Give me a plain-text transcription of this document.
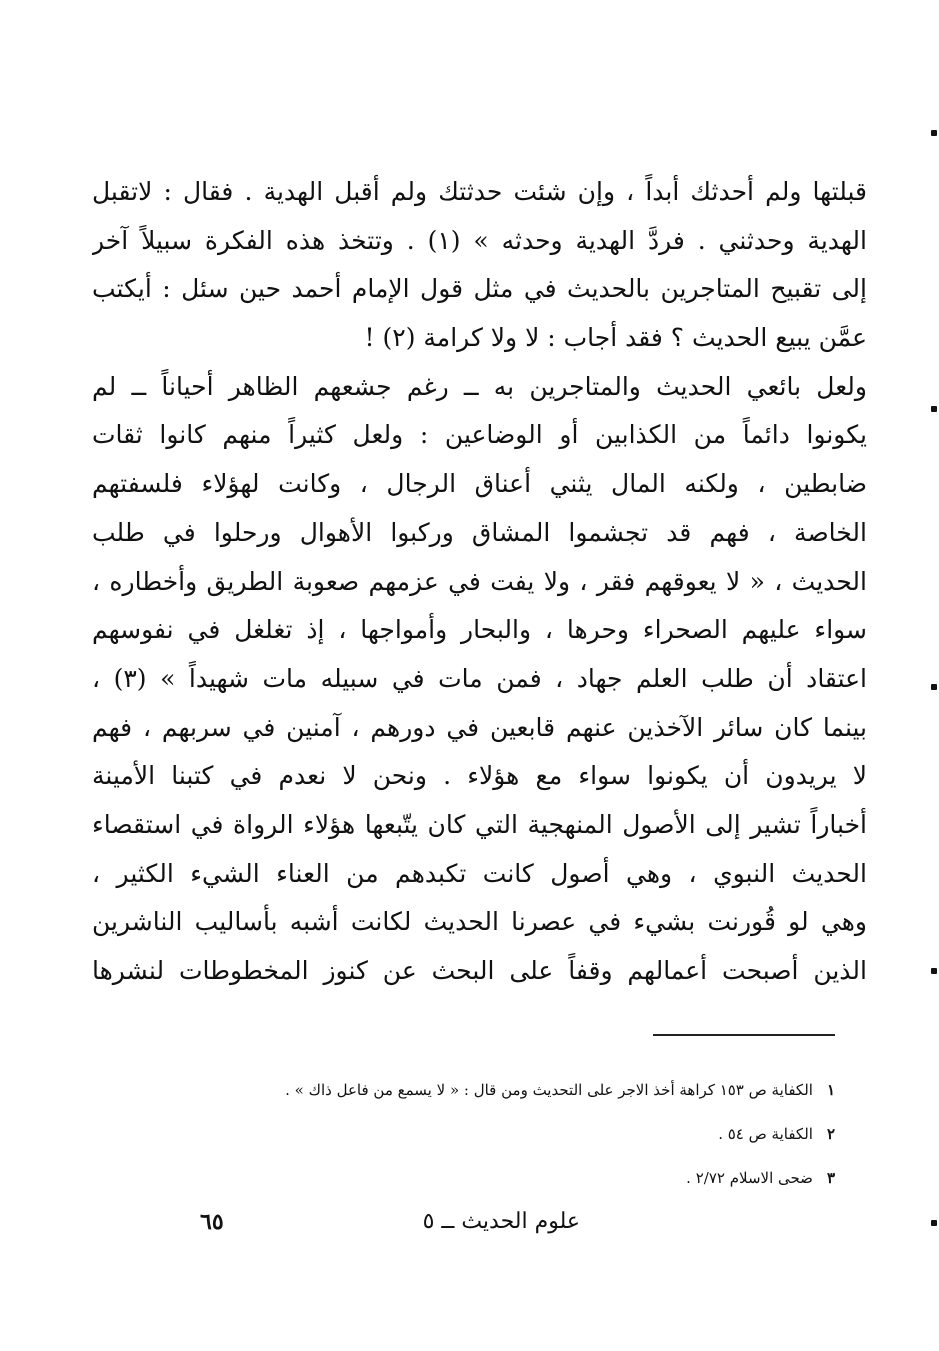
قبلتها ولم أحدثك أبداً ، وإن شئت حدثتك ولم أقبل الهدية . فقال : لاتقبل
الهدية وحدثني . فردَّ الهدية وحدثه » (١) . وتتخذ هذه الفكرة سبيلاً آخر
إلى تقبيح المتاجرين بالحديث في مثل قول الإمام أحمد حين سئل : أيكتب
عمَّن يبيع الحديث ؟ فقد أجاب : لا ولا كرامة (٢) !
ولعل بائعي الحديث والمتاجرين به ــ رغم جشعهم الظاهر أحياناً ــ لم
يكونوا دائماً من الكذابين أو الوضاعين : ولعل كثيراً منهم كانوا ثقات
ضابطين ، ولكنه المال يثني أعناق الرجال ، وكانت لهؤلاء فلسفتهم
الخاصة ، فهم قد تجشموا المشاق وركبوا الأهوال ورحلوا في طلب
الحديث ، « لا يعوقهم فقر ، ولا يفت في عزمهم صعوبة الطريق وأخطاره ،
سواء عليهم الصحراء وحرها ، والبحار وأمواجها ، إذ تغلغل في نفوسهم
اعتقاد أن طلب العلم جهاد ، فمن مات في سبيله مات شهيداً » (٣) ،
بينما كان سائر الآخذين عنهم قابعين في دورهم ، آمنين في سربهم ، فهم
لا يريدون أن يكونوا سواء مع هؤلاء . ونحن لا نعدم في كتبنا الأمينة
أخباراً تشير إلى الأصول المنهجية التي كان يتّبعها هؤلاء الرواة في استقصاء
الحديث النبوي ، وهي أصول كانت تكبدهم من العناء الشيء الكثير ،
وهي لو قُورنت بشيء في عصرنا الحديث لكانت أشبه بأساليب الناشرين
الذين أصبحت أعمالهم وقفاً على البحث عن كنوز المخطوطات لنشرها
١الكفاية ص ١٥٣ كراهة أخذ الاجر على التحديث ومن قال : « لا يسمع من فاعل ذاك » .
٢الكفاية ص ٥٤ .
٣ضحى الاسلام ٢/٧٢ .
علوم الحديث ــ ٥
٦٥
